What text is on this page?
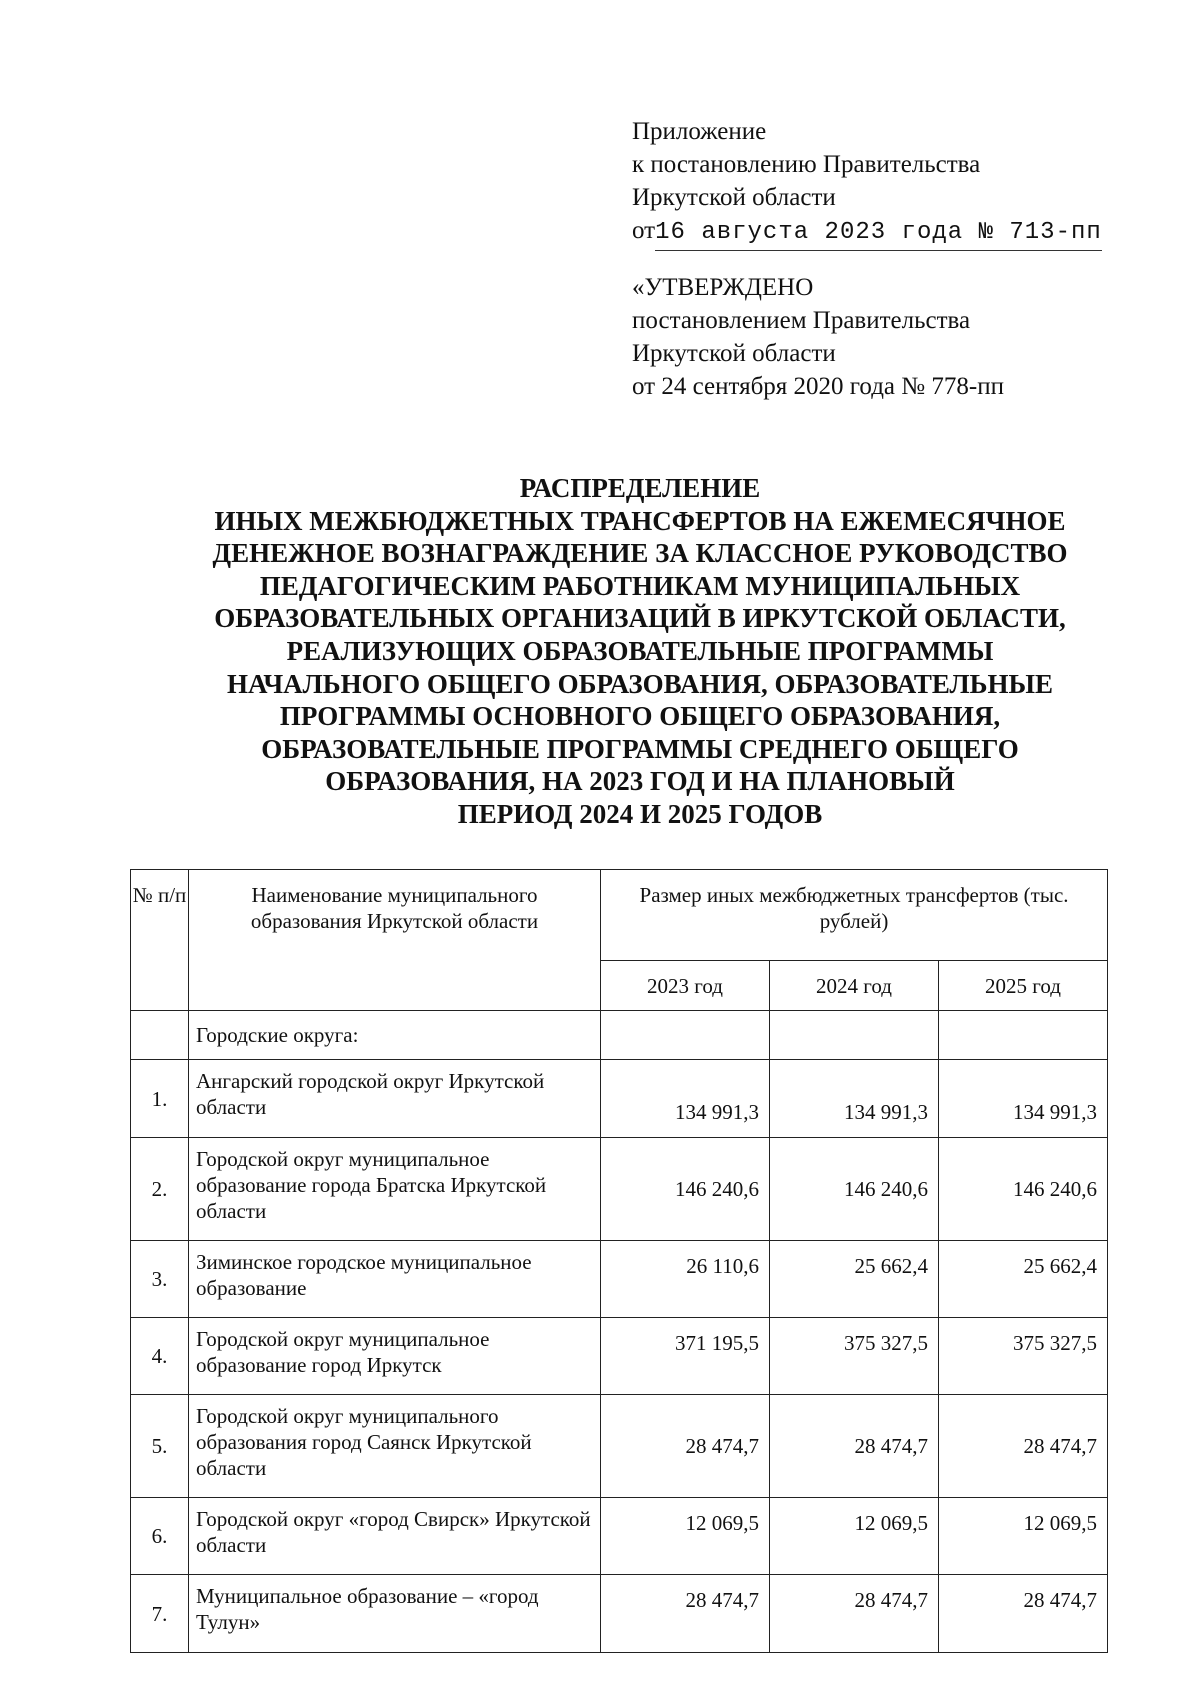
Приложение
к постановлению Правительства
Иркутской области
от16 августа 2023 года № 713-пп
«УТВЕРЖДЕНО
постановлением Правительства
Иркутской области
от 24 сентября 2020 года № 778-пп
РАСПРЕДЕЛЕНИЕ
ИНЫХ МЕЖБЮДЖЕТНЫХ ТРАНСФЕРТОВ НА ЕЖЕМЕСЯЧНОЕ
ДЕНЕЖНОЕ ВОЗНАГРАЖДЕНИЕ ЗА КЛАССНОЕ РУКОВОДСТВО
ПЕДАГОГИЧЕСКИМ РАБОТНИКАМ МУНИЦИПАЛЬНЫХ
ОБРАЗОВАТЕЛЬНЫХ ОРГАНИЗАЦИЙ В ИРКУТСКОЙ ОБЛАСТИ,
РЕАЛИЗУЮЩИХ ОБРАЗОВАТЕЛЬНЫЕ ПРОГРАММЫ
НАЧАЛЬНОГО ОБЩЕГО ОБРАЗОВАНИЯ, ОБРАЗОВАТЕЛЬНЫЕ
ПРОГРАММЫ ОСНОВНОГО ОБЩЕГО ОБРАЗОВАНИЯ,
ОБРАЗОВАТЕЛЬНЫЕ ПРОГРАММЫ СРЕДНЕГО ОБЩЕГО
ОБРАЗОВАНИЯ, НА 2023 ГОД И НА ПЛАНОВЫЙ
ПЕРИОД 2024 И 2025 ГОДОВ
№ п/п	Наименование муниципального образования Иркутской области	Размер иных межбюджетных трансфертов (тыс. рублей)		
		2023 год	2024 год	2025 год
	Городские округа:			
1.	Ангарский городской округ Иркутской области	134 991,3	134 991,3	134 991,3
2.	Городской округ муниципальное образование города Братска Иркутской области	146 240,6	146 240,6	146 240,6
3.	Зиминское городское муниципальное образование	26 110,6	25 662,4	25 662,4
4.	Городской округ муниципальное образование город Иркутск	371 195,5	375 327,5	375 327,5
5.	Городской округ муниципального образования город Саянск Иркутской области	28 474,7	28 474,7	28 474,7
6.	Городской округ «город Свирск» Иркутской области	12 069,5	12 069,5	12 069,5
7.	Муниципальное образование – «город Тулун»	28 474,7	28 474,7	28 474,7
